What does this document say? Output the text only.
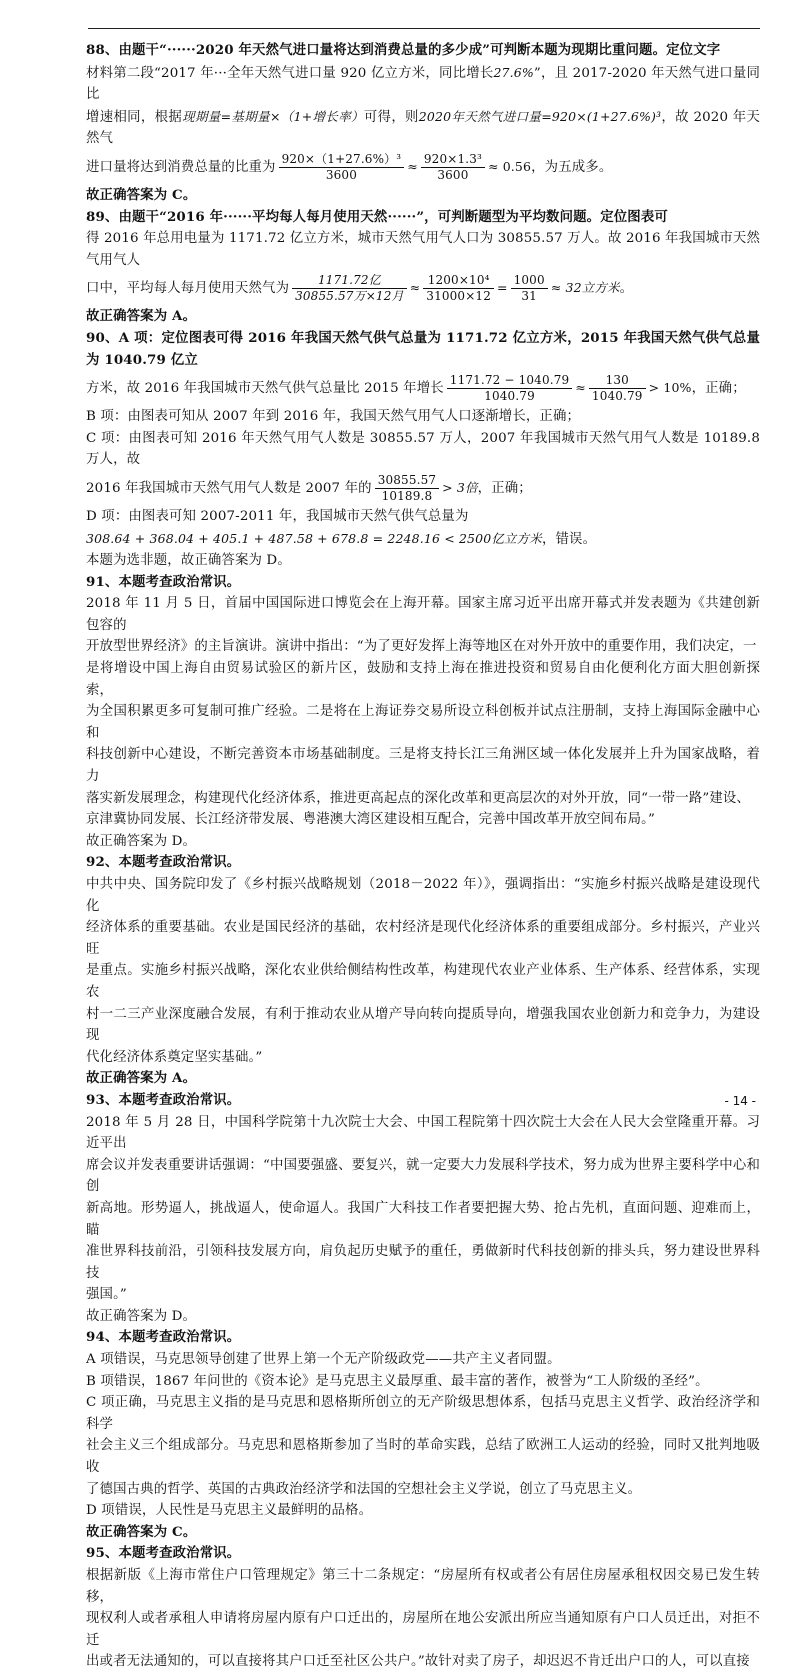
88、由题干“······2020 年天然气进口量将达到消费总量的多少成”可判断本题为现期比重问题。定位文字

材料第二段“2017 年···全年天然气进口量 920 亿立方米，同比增长27.6%”，且 2017-2020 年天然气进口量同比

增速相同，根据现期量=基期量×（1+增长率）可得，则2020年天然气进口量=920×(1+27.6%)³，故 2020 年天然气

进口量将达到消费总量的比重为 $\frac{\text{920×（1+27.6\%）³}}{3600} \approx \frac{\text{920×1.3³}}{3600} \approx 0.56$，为五成多。

故正确答案为 C。

89、由题干“2016 年······平均每人每月使用天然······”，可判断题型为平均数问题。定位图表可

得 2016 年总用电量为 1171.72 亿立方米，城市天然气用气人口为 30855.57 万人。故 2016 年我国城市天然气用气人

口中，平均每人每月使用天然气为 $\frac{\text{1171.72亿}}{\text{30855.57万×12月}} \approx \frac{\text{1200×10⁴}}{31000\times 12} = \frac{1000}{31} \approx 32$立方米。

故正确答案为 A。

90、A 项：定位图表可得 2016 年我国天然气供气总量为 1171.72 亿立方米，2015 年我国天然气供气总量为 1040.79 亿立

方米，故 2016 年我国城市天然气供气总量比 2015 年增长 $\frac{1171.72 - 1040.79}{1040.79} \approx \frac{130}{1040.79} > 10\%$，正确；

B 项：由图表可知从 2007 年到 2016 年，我国天然气用气人口逐渐增长，正确；

C 项：由图表可知 2016 年天然气用气人数是 30855.57 万人，2007 年我国城市天然气用气人数是 10189.8 万人，故

2016 年我国城市天然气用气人数是 2007 年的 $\frac{30855.57}{10189.8} > 3$倍，正确；

D 项：由图表可知 2007-2011 年，我国城市天然气供气总量为

308.64 + 368.04 + 405.1 + 487.58 + 678.8 = 2248.16 < 2500亿立方米，错误。

本题为选非题，故正确答案为 D。

91、本题考查政治常识。

2018 年 11 月 5 日，首届中国国际进口博览会在上海开幕。国家主席习近平出席开幕式并发表题为《共建创新包容的

开放型世界经济》的主旨演讲。演讲中指出：“为了更好发挥上海等地区在对外开放中的重要作用，我们决定，一

是将增设中国上海自由贸易试验区的新片区，鼓励和支持上海在推进投资和贸易自由化便利化方面大胆创新探索，

为全国积累更多可复制可推广经验。二是将在上海证券交易所设立科创板并试点注册制，支持上海国际金融中心和

科技创新中心建设，不断完善资本市场基础制度。三是将支持长江三角洲区域一体化发展并上升为国家战略，着力

落实新发展理念，构建现代化经济体系，推进更高起点的深化改革和更高层次的对外开放，同“一带一路”建设、

京津冀协同发展、长江经济带发展、粤港澳大湾区建设相互配合，完善中国改革开放空间布局。”

故正确答案为 D。

92、本题考查政治常识。

中共中央、国务院印发了《乡村振兴战略规划（2018－2022 年）》，强调指出：“实施乡村振兴战略是建设现代化

经济体系的重要基础。农业是国民经济的基础，农村经济是现代化经济体系的重要组成部分。乡村振兴，产业兴旺

是重点。实施乡村振兴战略，深化农业供给侧结构性改革，构建现代农业产业体系、生产体系、经营体系，实现农

村一二三产业深度融合发展，有利于推动农业从增产导向转向提质导向，增强我国农业创新力和竞争力，为建设现

代化经济体系奠定坚实基础。”

故正确答案为 A。

93、本题考查政治常识。

2018 年 5 月 28 日，中国科学院第十九次院士大会、中国工程院第十四次院士大会在人民大会堂隆重开幕。习近平出

席会议并发表重要讲话强调：“中国要强盛、要复兴，就一定要大力发展科学技术，努力成为世界主要科学中心和创

新高地。形势逼人，挑战逼人，使命逼人。我国广大科技工作者要把握大势、抢占先机，直面问题、迎难而上，瞄

准世界科技前沿，引领科技发展方向，肩负起历史赋予的重任，勇做新时代科技创新的排头兵，努力建设世界科技

强国。”

故正确答案为 D。

94、本题考查政治常识。

A 项错误，马克思领导创建了世界上第一个无产阶级政党——共产主义者同盟。

B 项错误，1867 年问世的《资本论》是马克思主义最厚重、最丰富的著作，被誉为“工人阶级的圣经”。

C 项正确，马克思主义指的是马克思和恩格斯所创立的无产阶级思想体系，包括马克思主义哲学、政治经济学和科学

社会主义三个组成部分。马克思和恩格斯参加了当时的革命实践，总结了欧洲工人运动的经验，同时又批判地吸收

了德国古典的哲学、英国的古典政治经济学和法国的空想社会主义学说，创立了马克思主义。

D 项错误，人民性是马克思主义最鲜明的品格。

故正确答案为 C。

95、本题考查政治常识。

根据新版《上海市常住户口管理规定》第三十二条规定：“房屋所有权或者公有居住房屋承租权因交易已发生转移，

现权利人或者承租人申请将房屋内原有户口迁出的，房屋所在地公安派出所应当通知原有户口人员迁出，对拒不迁

出或者无法通知的，可以直接将其户口迁至社区公共户。”故针对卖了房子，却迟迟不肯迁出户口的人，可以直接

- 14 -
